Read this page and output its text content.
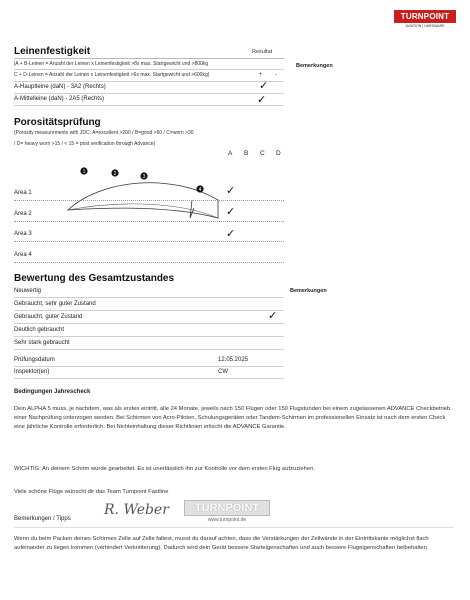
TURNPOINT
AVIATION | HARDWARE
Leinenfestigkeit	Resultat
|A + B-Leinen = Anzahl der Leinen x Leinenfestigkeit >8x max. Startgewicht und >800kg	Bemerkungen
C + D-Leinen = Anzahl der Leinen x Leinenfestigkeit >6x max. Startgewicht und >600kg)	+ -
A-Hauptleine (daN) - 3A2 (Rechts)	✓
A-Mittelleine (daN) - 2A5 (Rechts)	✓
Porositätsprüfung
(Porosity measurements with JDC: A=excellent >200 / B=good >60 / C=worn >30
/ D= heavy worn >15 / < 15 = post verification through Advance)
A B C D
1	2	3
4
Area 1	✓
Area 2	✓
Area 3	✓
Area 4
Bewertung des Gesamtzustandes
Neuwertig	Bemerkungen
Gebraucht, sehr guter Zustand
Gebraucht, guter Zustand	✓
Deutlich gebraucht
Sehr stark gebraucht
Prüfungsdatum	12.05.2025
Inspektor(en)	CW
Bedingungen Jahrescheck
Dein ALPHA 5 muss, je nachdem, was als erstes eintritt, alle 24 Monate, jeweils nach 150 Flügen oder 150 Flugstunden bei einem zugelassenen ADVANCE Checkbetrieb einer Nachprüfung unterzogen werden. Bei Schirmen von Acro-Piloten, Schulungsgeräten oder Tandem-Schirmen im professionellen Einsatz ist nach dem ersten Check eine jährliche Kontrolle erforderlich. Bei Nichteinhaltung dieser Richtlinien erlischt die ADVANCE Garantie.
WICHTIG: An deinem Schirm wurde gearbeitet. Es ist unerlässlich ihn zur Kontrolle vor dem ersten Flug aufzuziehen.
Viele schöne Flüge wünscht dir das Team Turnpoint Fastline
Bemerkungen / Tipps
R. Weber	TURNPOINT
www.turnpoint.de
Wenn du beim Packen deines Schirmes Zelle auf Zelle faltest, musst du darauf achten, dass die Verstärkungen der Zellwände in der Eintrittskante möglichst flach aufeinander zu liegen kommen (verhindert Verknitterung). Dadurch wird dein Gerät bessere Starteigenschaften und auch bessere Flugeigenschaften beibehalten.
